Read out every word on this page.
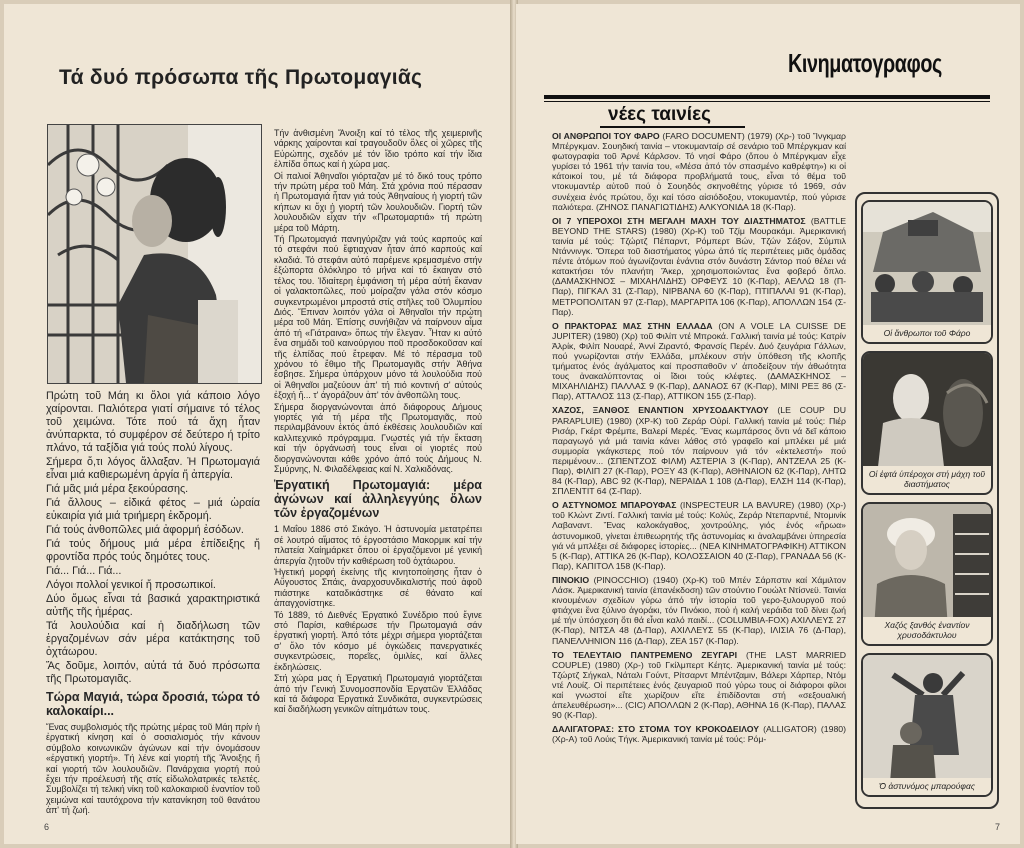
Τά δυό πρόσωπα τῆς Πρωτομαγιᾶς

Πρώτη τοῦ Μάη κι ὅλοι γιά κάποιο λόγο χαίρονται. Παλιότερα γιατί σήμαινε τό τέλος τοῦ χειμώνα. Τότε πού τά ἄχη ἦταν ἀνύπαρκτα, τό συμφέρον σέ δεύτερο ή τρίτο πλάνο, τά ταξίδια γιά τούς πολύ λίγους.

Σήμερα ὅ,τι λόγος ἄλλαξαν. Ἡ Πρωτομαγιά εἶναι μιά καθιερωμένη ἀργία ἤ ἀπεργία.

Γιά μᾶς μιά μέρα ξεκούρασης.

Γιά ἄλλους – εἰδικά φέτος – μιά ὡραία εὐκαιρία γιά μιά τριήμερη ἐκδρομή.

Γιά τούς ἀνθοπῶλες μιά ἀφορμή ἐσόδων.

Γιά τούς δήμους μιά μέρα ἐπίδειξης ἤ φροντίδα πρός τούς δημότες τους.

Γιά... Γιά... Γιά...

Λόγοι πολλοί γενικοί ἤ προσωπικοί.

Δύο ὅμως εἶναι τά βασικά χαρακτηριστικά αὐτῆς τῆς ἡμέρας.

Τά λουλούδια καί ἡ διαδήλωση τῶν ἐργαζομένων σάν μέρα κατάκτησης τοῦ ὀχτάωρου.

Ἄς δοῦμε, λοιπόν, αὐτά τά δυό πρόσωπα τῆς Πρωτομαγιᾶς.

Τώρα Μαγιά, τώρα δροσιά, τώρα τό καλοκαίρι...

Ἕνας συμβολισμός τῆς πρώτης μέρας τοῦ Μάη πρίν ἡ ἐργατική κίνηση καί ὁ σοσιαλισμός τήν κάνουν σύμβολο κοινωνικῶν ἀγώνων καί τήν ὀνομάσουν «ἐργατική γιορτή». Τή λένε καί γιορτή τῆς Ἄνοιξης ἤ καί γιορτή τῶν λουλουδιῶν. Πανάρχαια γιορτή πού ἔχει τήν προέλευσή τῆς στίς εἰδωλολατρικές τελετές. Συμβολίζει τή τελική νίκη τοῦ καλοκαιριοῦ ἐναντίον τοῦ χειμώνα καί ταυτόχρονα τήν κατανίκηση τοῦ θανάτου ἀπ' τή ζωή.

Τήν ἀνθισμένη Ἄνοιξη καί τό τέλος τῆς χειμερινῆς νάρκης χαίρονται καί τραγουδοῦν ὅλες οἱ χῶρες τῆς Εὐρώπης, σχεδόν μέ τόν ἴδιο τρόπο καί τήν ἴδια ἐλπίδα ὅπως καί ἡ χώρα μας.

Οἱ παλιοί Ἀθηναῖοι γιόρταζαν μέ τό δικό τους τρόπο τήν πρώτη μέρα τοῦ Μάη. Στά χρόνια πού πέρασαν ἡ Πρωτομαγιά ἦταν γιά τούς Ἀθηναίους ἡ γιορτή τῶν κήπων κι ὄχι ἡ γιορτή τῶν λουλουδιῶν. Γιορτή τῶν λουλουδιῶν εἶχαν τήν «Πρωτομαρτιά» τή πρώτη μέρα τοῦ Μάρτη.

Τή Πρωτομαγιά πανηγύριζαν γιά τούς καρπούς καί τό στεφάνι πού ἔφτιαχναν ἦταν ἀπό καρπούς καί κλαδιά. Τό στεφάνι αὐτό παρέμενε κρεμασμένο στήν ἐξώπορτα ὁλόκληρο τό μήνα καί τό ἔκαιγαν στό τέλος του. Ἰδιαίτερη ἐμφάνιση τή μέρα αὐτή ἔκαναν οἱ γαλακτοπῶλες, πού μοίραζαν γάλα στόν κόσμο συγκεντρωμένοι μπροστά στίς στῆλες τοῦ Ὀλυμπίου Διός. Ἔπιναν λοιπόν γάλα οἱ Ἀθηναῖοι τήν πρώτη μέρα τοῦ Μάη. Ἐπίσης συνήθιζαν νά παίρνουν αἷμα ἀπό τή «Γιάτραινα» ὅπως τήν ἔλεγαν. Ἦταν κι αὐτό ἕνα σημάδι τοῦ καινούργιου ποῦ προσδοκοῦσαν καί τῆς ἐλπίδας πού ἔτρεφαν. Μέ τό πέρασμα τοῦ χρόνου τό ἔθιμο τῆς Πρωτομαγιᾶς στήν Ἀθήνα ἔσβησε. Σήμερα ὑπάρχουν μόνο τά λουλούδια πού οἱ Ἀθηναῖοι μαζεύουν ἀπ' τή πιό κοντινή σ' αὐτούς ἐξοχή ἤ... τ' ἀγοράζουν ἀπ' τόν ἀνθοπῶλη τους.

Σήμερα διοργανώνονται ἀπό διάφορους Δήμους γιορτές γιά τή μέρα τῆς Πρωτομαγιᾶς, πού περιλαμβάνουν ἐκτός ἀπό ἐκθέσεις λουλουδιῶν καί καλλιτεχνικό πρόγραμμα. Γνωστές γιά τήν ἔκταση καί τήν ὀργάνωσή τους εἶναι οἱ γιορτές πού διοργανώνονται κάθε χρόνο ἀπό τούς Δήμους Ν. Σμύρνης, Ν. Φιλαδέλφειας καί Ν. Χαλκιδόνας.

Ἐργατική Πρωτομαγιά: μέρα ἀγώνων καί ἀλληλεγγύης ὅλων τῶν ἐργαζομένων

1 Μαΐου 1886 στό Σικάγο. Ἡ ἀστυνομία μετατρέπει σέ λουτρό αἵματος τό ἐργοστάσιο Μακορμικ καί τήν πλατεία Χαίημάρκετ ὅπου οἱ ἐργαζόμενοι μέ γενική ἀπεργία ζητοῦν τήν καθιέρωση τοῦ ὀχτάωρου.

Ἡγετική μορφή ἐκείνης τῆς κινητοποίησης ἦταν ὁ Αὔγουστος Σπάις, ἀναρχοσυνδικαλιστής πού ἀφοῦ πιάστηκε καταδικάστηκε σέ θάνατο καί ἀπαγχονίστηκε.

Τό 1889, τό Διεθνές Ἐργατικό Συνέδριο πού ἔγινε στό Παρίσι, καθιέρωσε τήν Πρωτομαγιά σάν ἐργατική γιορτή. Ἀπό τότε μέχρι σήμερα γιορτάζεται σ' ὅλο τόν κόσμο μέ ὀγκώδεις πανεργατικές συγκεντρώσεις, πορεῖες, ὁμιλίες, καί ἄλλες ἐκδηλώσεις.

Στή χώρα μας ἡ Ἐργατική Πρωτομαγιά γιορτάζεται ἀπό τήν Γενική Συνομοσπονδία Ἐργατῶν Ἑλλάδας καί τά διάφορα Ἐργατικά Συνδικάτα, συγκεντρώσεις καί διαδήλωση γενικῶν αἰτημάτων τους.

6
Κινηματογραφος
νέες ταινίες

ΟΙ ΑΝΘΡΩΠΟΙ ΤΟΥ ΦΑΡΟ (FARO DOCUMENT) (1979) (Χρ-) τοῦ Ἴνγκμαρ Μπέργκμαν. Σουηδική ταινία – ντοκυμανταίρ σέ σενάριο τοῦ Μπέργκμαν καί φωτογραφία τοῦ Ἀρνέ Κάρλσον. Τό νησί Φάρο (ὅπου ὁ Μπέργκμαν εἶχε γυρίσει τό 1961 τήν ταινία του, «Μέσα ἀπό τόν σπασμένο καθρέφτη») κι οἱ κάτοικοί του, μέ τά διάφορα προβλήματά τους, εἶναι τό θέμα τοῦ ντοκυμαντέρ αὐτοῦ πού ὁ Σουηδός σκηνοθέτης γύρισε τό 1969, σάν συνέχεια ἑνός πρώτου, ὄχι καί τόσο αἰσιόδοξου, ντοκυμαντέρ, πού γύρισε παλιότερα. (ΖΗΝΟΣ ΠΑΝΑΓΙΩΤΙΔΗΣ) ΑΛΚΥΟΝΙΔΑ 18 (Κ-Παρ).

ΟΙ 7 ΥΠΕΡΟΧΟΙ ΣΤΗ ΜΕΓΑΛΗ ΜΑΧΗ ΤΟΥ ΔΙΑΣΤΗΜΑΤΟΣ (BATTLE BEYOND THE STARS) (1980) (Χρ-Κ) τοῦ Τζίμ Μουρακάμι. Ἀμερικανική ταινία μέ τούς: Τζώρτζ Πέπαρντ, Ρόμπερτ Βών, Τζών Σάξον, Σύμπιλ Ντάννινγκ. Ὅπερα τοῦ διαστήματος γύρω ἀπό τίς περιπέτειες μιᾶς ὁμάδας πέντε ἀτόμων πού ἀγωνίζονται ἐνάντια στόν δυνάστη Σάντορ πού θέλει νά κατακτήσει τόν πλανήτη Ἄκερ, χρησιμοποιώντας ἕνα φοβερό ὅπλο. (ΔΑΜΑΣΚΗΝΟΣ – ΜΙΧΑΗΛΙΔΗΣ) ΟΡΦΕΥΣ 10 (Κ-Παρ), ΑΕΛΛΩ 18 (Π-Παρ), ΠΙΓΚΑΛ 31 (Σ-Παρ), ΝΙΡΒΑΝΑ 60 (Κ-Παρ), ΠΤΙΠΑΛΑΙ 91 (Κ-Παρ), ΜΕΤΡΟΠΟΛΙΤΑΝ 97 (Σ-Παρ), ΜΑΡΓΑΡΙΤΑ 106 (Κ-Παρ), ΑΠΟΛΛΩΝ 154 (Σ-Παρ).

Ο ΠΡΑΚΤΟΡΑΣ ΜΑΣ ΣΤΗΝ ΕΛΛΑΔΑ (ON A VOLE LA CUISSE DE JUPITER) (1980) (Χρ) τοῦ Φιλίπ ντέ Μπροκά. Γαλλική ταινία μέ τούς: Κατρίν Ἀλρίκ, Φιλίπ Νουαρέ, Ἀννί Ζιραντό, Φρανσίς Περέν. Δυό ζευγάρια Γάλλων, πού γνωρίζονται στήν Ἑλλάδα, μπλέκουν στήν ὑπόθεση τῆς κλοπῆς τμήματος ἑνός ἀγάλματος καί προσπαθοῦν ν' ἀποδείξουν τήν ἀθωότητα τους ἀνακαλύπτοντας οἱ ἴδιοι τούς κλέφτες. (ΔΑΜΑΣΚΗΝΟΣ – ΜΙΧΑΗΛΙΔΗΣ) ΠΑΛΛΑΣ 9 (Κ-Παρ), ΔΑΝΑΟΣ 67 (Κ-Παρ), ΜΙΝΙ ΡΕΞ 86 (Σ-Παρ), ΑΤΤΑΛΟΣ 113 (Σ-Παρ), ΑΤΤΙΚΟΝ 155 (Σ-Παρ).

ΧΑΖΟΣ, ΞΑΝΘΟΣ ΕΝΑΝΤΙΟΝ ΧΡΥΣΟΔΑΚΤΥΛΟΥ (LE COUP DU PARAPLUIE) (1980) (ΧΡ-Κ) τοῦ Ζεράρ Οὐρί. Γαλλική ταινία μέ τούς: Πιέρ Ρισάρ, Γκέρτ Φρέμπε, Βαλερί Μερές. Ἕνας κωμπάρσος ὅντι νά δεῖ κάποιο παραγωγό γιά μιά ταινία κάνει λάθος στό γραφεῖο καί μπλέκει μέ μιά συμμορία γκάγκστερς πού τόν παίρνουν γιά τόν «ἐκτελεστή» πού περιμένουν... (ΣΠΕΝΤΖΟΣ ΦΙΛΜ) ΑΣΤΕΡΙΑ 3 (Κ-Παρ), ΑΝΤΖΕΛΑ 25 (Κ-Παρ), ΦΙΛΙΠ 27 (Κ-Παρ), ΡΟΞΥ 43 (Κ-Παρ), ΑΘΗΝΑΙΟΝ 62 (Κ-Παρ), ΛΗΤΩ 84 (Κ-Παρ), ABC 92 (Κ-Παρ), ΝΕΡΑΙΔΑ 1 108 (Δ-Παρ), ΕΛΣΗ 114 (Κ-Παρ), ΣΠΛΕΝΤΙΤ 64 (Σ-Παρ).

Ο ΑΣΤΥΝΟΜΟΣ ΜΠΑΡΟΥΦΑΣ (INSPECTEUR LA BAVURE) (1980) (Χρ-) τοῦ Κλώντ Ζιντί. Γαλλική ταινία μέ τούς: Κολύς, Ζεράρ Ντεπαρντιέ, Ντομινίκ Λαβαναντ. Ἕνας καλοκάγαθος, χοντρούλης, γιός ἑνός «ἥρωα» ἀστυνομικοῦ, γίνεται ἐπιθεωρητής τῆς ἀστυνομίας κι ἀναλαμβάνει ὑπηρεσία γιά νά μπλέξει σέ διάφορες ἱστορίες... (ΝΕΑ ΚΙΝΗΜΑΤΟΓΡΑΦΙΚΗ) ΑΤΤΙΚΟΝ 5 (Κ-Παρ), ΑΤΤΙΚΑ 26 (Κ-Παρ), ΚΟΛΟΣΣΑΙΟΝ 40 (Σ-Παρ), ΓΡΑΝΑΔΑ 56 (Κ-Παρ), ΚΑΠΙΤΟΛ 158 (Κ-Παρ).

ΠΙΝΟΚΙΟ (PINOCCHIO) (1940) (Χρ-Κ) τοῦ Μπέν Σάρπστιν καί Χάμιλτον Λάσκ. Ἀμερικανική ταινία (ἐπανέκδοση) τῶν στούντιο Γουώλτ Ντίσνεϋ. Ταινία κινουμένων σχεδίων γύρω ἀπό τήν ἱστορία τοῦ γερο-ξυλουργοῦ πού φτιάχνει ἕνα ξύλινο ἀγοράκι, τόν Πινόκιο, πού ἡ καλή νεράιδα τοῦ δίνει ζωή μέ τήν ὑπόσχεση ὅτι θά εἶναι καλό παιδί... (COLUMBIA-FOX) ΑΧΙΛΛΕΥΣ 27 (Κ-Παρ), ΝΙΤΣΑ 48 (Δ-Παρ), ΑΧΙΛΛΕΥΣ 55 (Κ-Παρ), ΙΛΙΣΙΑ 76 (Δ-Παρ), ΠΑΝΕΛΛΗΝΙΟΝ 116 (Δ-Παρ), ΖΕΑ 157 (Κ-Παρ).

ΤΟ ΤΕΛΕΥΤΑΙΟ ΠΑΝΤΡΕΜΕΝΟ ΖΕΥΓΑΡΙ (THE LAST MARRIED COUPLE) (1980) (Χρ-) τοῦ Γκίλμπερτ Κέητς. Ἀμερικανική ταινία μέ τούς: Τζώρτζ Σήγκαλ, Νάταλι Γούντ, Ρίτσαρντ Μπέντζαμιν, Βάλερι Χάρπερ, Ντόμ ντέ Λουίζ. Οἱ περιπέτειες ἑνός ζευγαριοῦ πού γύρω τους οἱ διάφοροι φίλοι καί γνωστοί εἴτε χωρίζουν εἴτε ἐπιδίδονται στή «σεξουαλική ἀπελευθέρωση»... (CIC) ΑΠΟΛΛΩΝ 2 (Κ-Παρ), ΑΘΗΝΑ 16 (Κ-Παρ), ΠΑΛΑΣ 90 (Κ-Παρ).

ΔΑΛΙΓΑΤΟΡΑΣ: ΣΤΟ ΣΤΟΜΑ ΤΟΥ ΚΡΟΚΟΔΕΙΛΟΥ (ALLIGATOR) (1980) (Χρ-Α) τοῦ Λούις Τήγκ. Ἀμερικανική ταινία μέ τούς: Ρόμ-

Οἱ ἄνθρωποι τοῦ Φάρο
Οἱ ἑφτά ὑπέροχοι στή μάχη τοῦ διαστήματος
Χαζός ξανθός ἐναντίον χρυσοδάκτυλου
Ὁ ἀστυνόμος μπαρούφας
7
